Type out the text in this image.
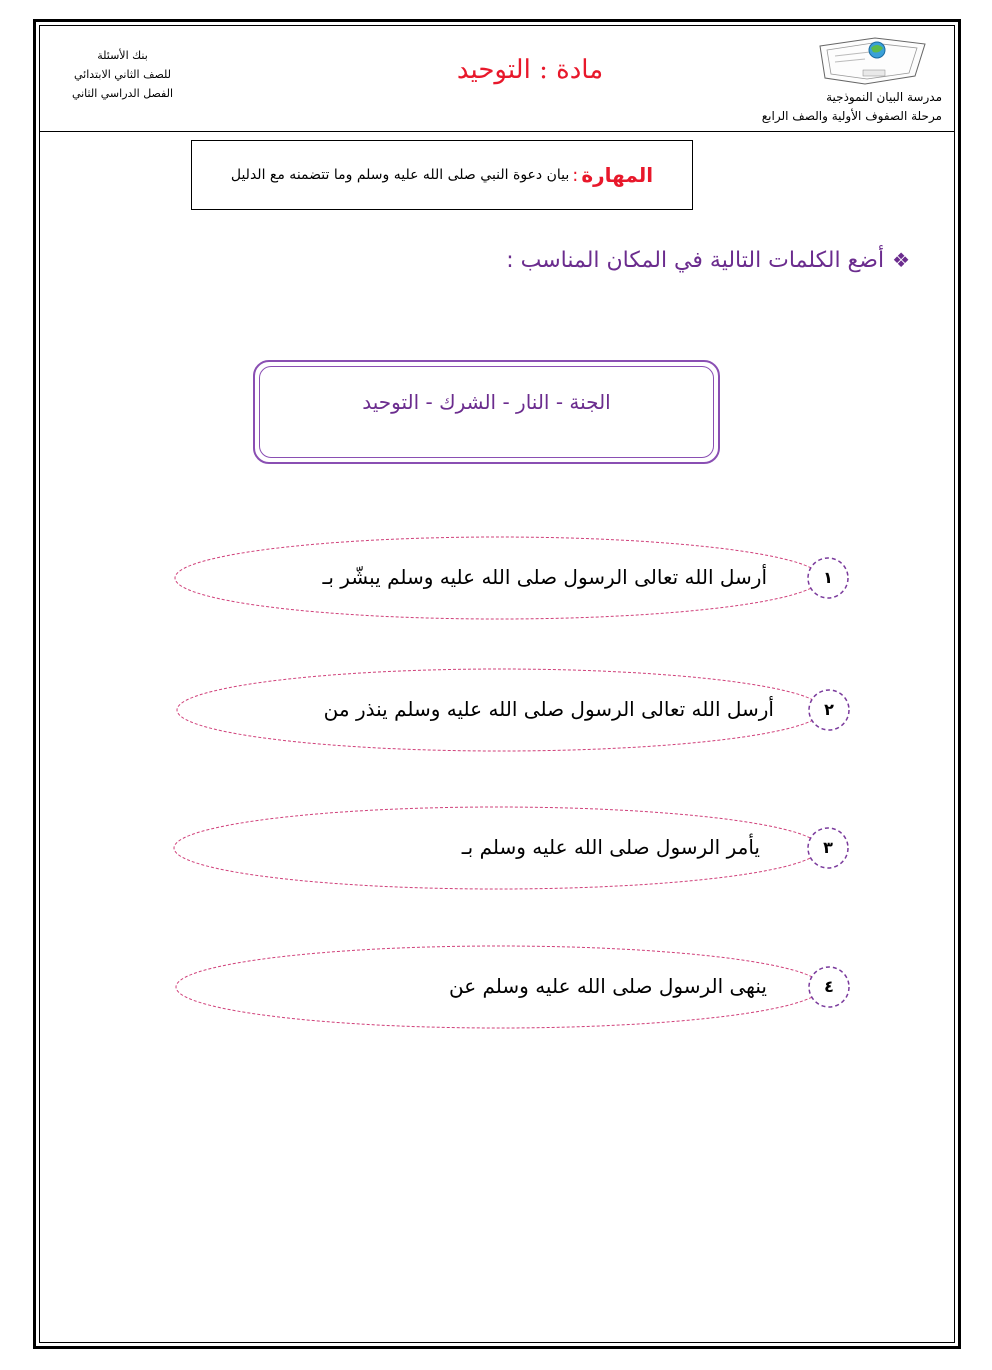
بنك الأسئلة
للصف الثاني الابتدائي
الفصل الدراسي الثاني
مادة : التوحيد
مدرسة البيان النموذجية
مرحلة الصفوف الأولية والصف الرابع
المهارة
:
بيان دعوة النبي صلى الله عليه وسلم وما تتضمنه مع الدليل
❖أضع الكلمات التالية في المكان المناسب :
الجنة - النار - الشرك - التوحيد
١
أرسل الله تعالى الرسول صلى الله عليه وسلم يبشّر بـ
٢
أرسل الله تعالى الرسول صلى الله عليه وسلم ينذر من
٣
يأمر الرسول صلى الله عليه وسلم بـ
٤
ينهى الرسول صلى الله عليه وسلم عن
